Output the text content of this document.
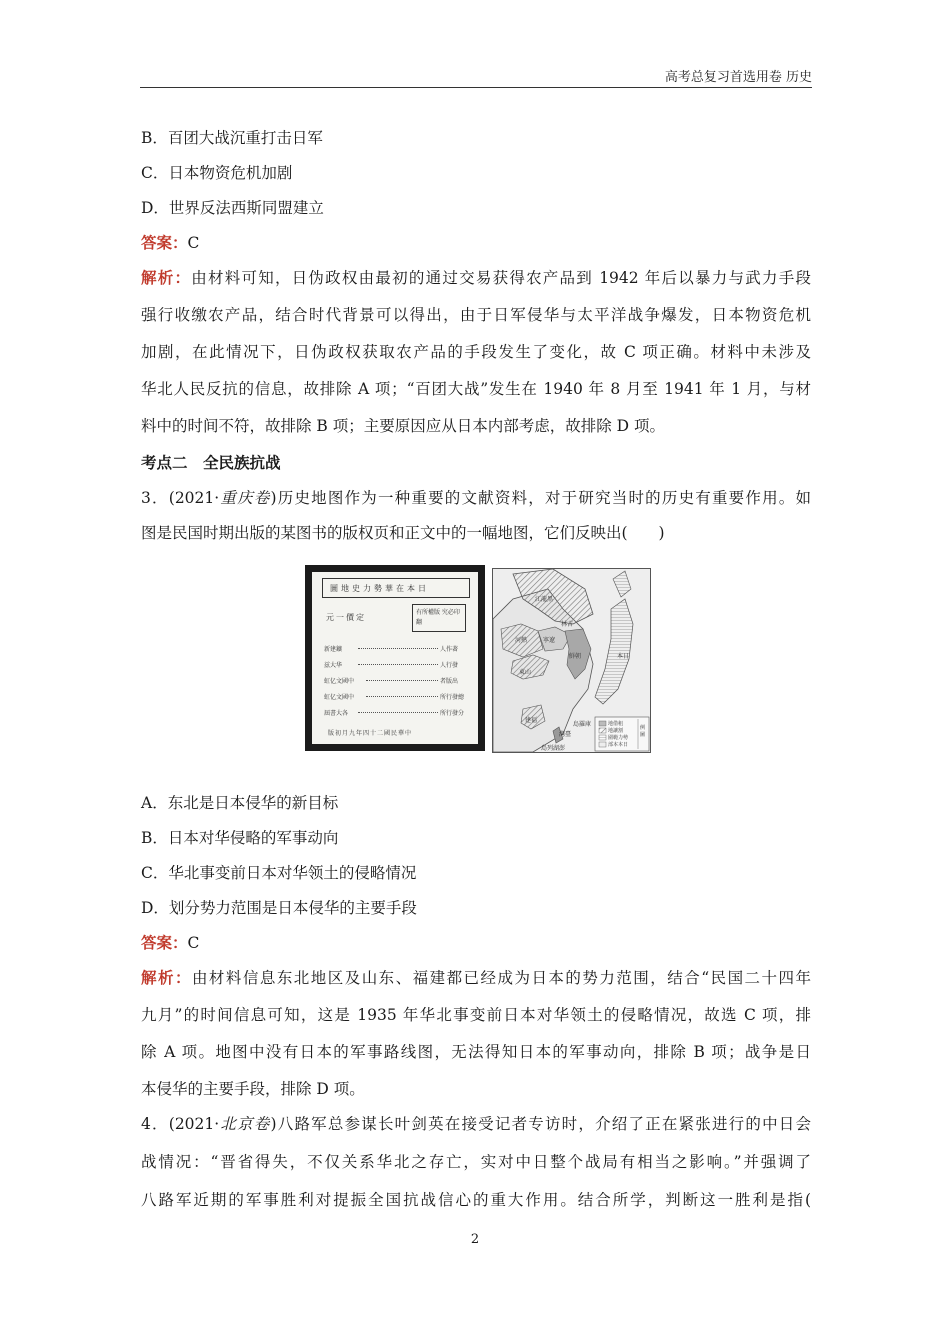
高考总复习首选用卷 历史
B．百团大战沉重打击日军
C．日本物资危机加剧
D．世界反法西斯同盟建立
答案：C
解析：由材料可知，日伪政权由最初的通过交易获得农产品到 1942 年后以暴力与武力手段
强行收缴农产品，结合时代背景可以得出，由于日军侵华与太平洋战争爆发，日本物资危机
加剧，在此情况下，日伪政权获取农产品的手段发生了变化，故 C 项正确。材料中未涉及
华北人民反抗的信息，故排除 A 项；“百团大战”发生在 1940 年 8 月至 1941 年 1 月，与材
料中的时间不符，故排除 B 项；主要原因应从日本内部考虑，故排除 D 项。
考点二　全民族抗战
3．(2021·重庆卷)历史地图作为一种重要的文献资料，对于研究当时的历史有重要作用。如
图是民国时期出版的某图书的版权页和正文中的一幅地图，它们反映出(　　)
圖地史力勢華在本日
元一價定
有所權版 究必印翻
新建鑛
兹大华
虹亿文國中
虹亿文國中
屆書大各
人作著
人行發
者版出
所行發總
所行發分
版初月九年四十二國民華中
江龍黑
林吉
河熱	寧遼
鮮朝
東山
本日
建福
灣臺
島列湖澎
島羅庫	地借租
地讓割
圍範力勢
部本本日
例圖
A．东北是日本侵华的新目标
B．日本对华侵略的军事动向
C．华北事变前日本对华领土的侵略情况
D．划分势力范围是日本侵华的主要手段
答案：C
解析：由材料信息东北地区及山东、福建都已经成为日本的势力范围，结合“民国二十四年
九月”的时间信息可知，这是 1935 年华北事变前日本对华领土的侵略情况，故选 C 项，排
除 A 项。地图中没有日本的军事路线图，无法得知日本的军事动向，排除 B 项；战争是日
本侵华的主要手段，排除 D 项。
4．(2021·北京卷)八路军总参谋长叶剑英在接受记者专访时，介绍了正在紧张进行的中日会
战情况：“晋省得失，不仅关系华北之存亡，实对中日整个战局有相当之影响。”并强调了
八路军近期的军事胜利对提振全国抗战信心的重大作用。结合所学，判断这一胜利是指(
2
